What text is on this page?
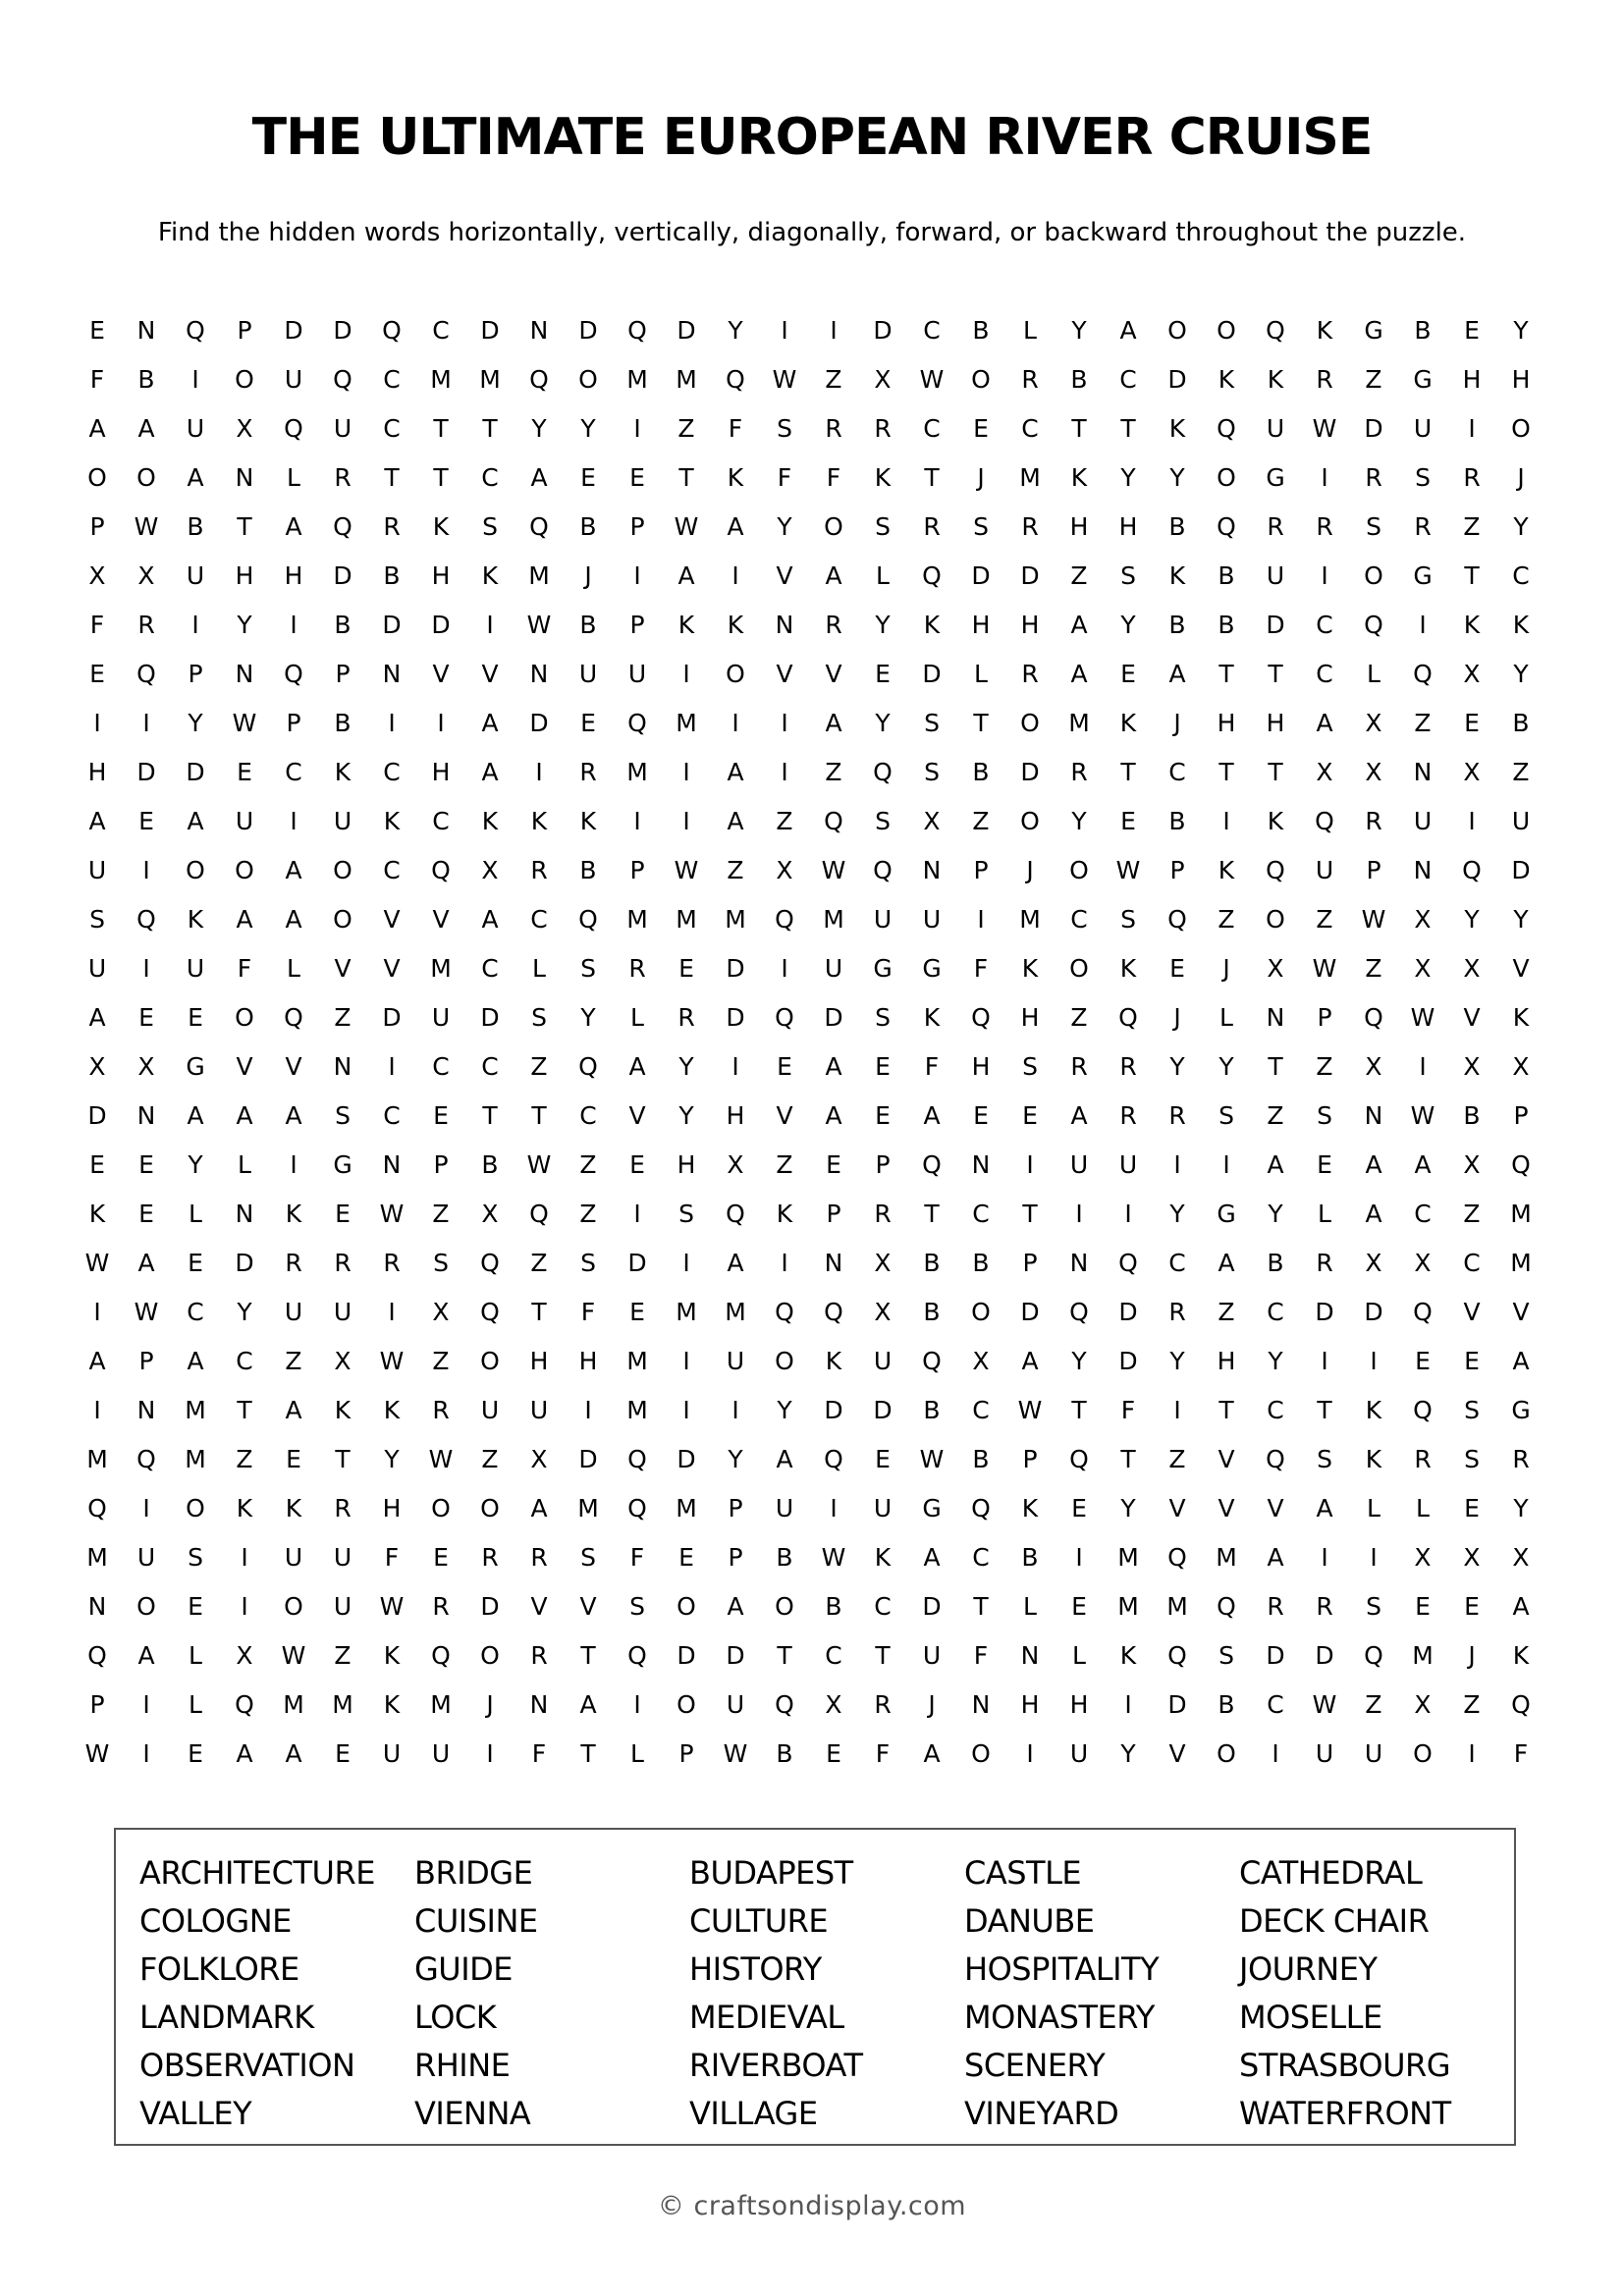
THE ULTIMATE EUROPEAN RIVER CRUISE

Find the hidden words horizontally, vertically, diagonally, forward, or backward throughout the puzzle.

E	N	Q	P	D	D	Q	C	D	N	D	Q	D	Y	I	I	D	C	B	L	Y	A	O	O	Q	K	G	B	E	Y
F	B	I	O	U	Q	C	M	M	Q	O	M	M	Q	W	Z	X	W	O	R	B	C	D	K	K	R	Z	G	H	H
A	A	U	X	Q	U	C	T	T	Y	Y	I	Z	F	S	R	R	C	E	C	T	T	K	Q	U	W	D	U	I	O
O	O	A	N	L	R	T	T	C	A	E	E	T	K	F	F	K	T	J	M	K	Y	Y	O	G	I	R	S	R	J
P	W	B	T	A	Q	R	K	S	Q	B	P	W	A	Y	O	S	R	S	R	H	H	B	Q	R	R	S	R	Z	Y
X	X	U	H	H	D	B	H	K	M	J	I	A	I	V	A	L	Q	D	D	Z	S	K	B	U	I	O	G	T	C
F	R	I	Y	I	B	D	D	I	W	B	P	K	K	N	R	Y	K	H	H	A	Y	B	B	D	C	Q	I	K	K
E	Q	P	N	Q	P	N	V	V	N	U	U	I	O	V	V	E	D	L	R	A	E	A	T	T	C	L	Q	X	Y
I	I	Y	W	P	B	I	I	A	D	E	Q	M	I	I	A	Y	S	T	O	M	K	J	H	H	A	X	Z	E	B
H	D	D	E	C	K	C	H	A	I	R	M	I	A	I	Z	Q	S	B	D	R	T	C	T	T	X	X	N	X	Z
A	E	A	U	I	U	K	C	K	K	K	I	I	A	Z	Q	S	X	Z	O	Y	E	B	I	K	Q	R	U	I	U
U	I	O	O	A	O	C	Q	X	R	B	P	W	Z	X	W	Q	N	P	J	O	W	P	K	Q	U	P	N	Q	D
S	Q	K	A	A	O	V	V	A	C	Q	M	M	M	Q	M	U	U	I	M	C	S	Q	Z	O	Z	W	X	Y	Y
U	I	U	F	L	V	V	M	C	L	S	R	E	D	I	U	G	G	F	K	O	K	E	J	X	W	Z	X	X	V
A	E	E	O	Q	Z	D	U	D	S	Y	L	R	D	Q	D	S	K	Q	H	Z	Q	J	L	N	P	Q	W	V	K
X	X	G	V	V	N	I	C	C	Z	Q	A	Y	I	E	A	E	F	H	S	R	R	Y	Y	T	Z	X	I	X	X
D	N	A	A	A	S	C	E	T	T	C	V	Y	H	V	A	E	A	E	E	A	R	R	S	Z	S	N	W	B	P
E	E	Y	L	I	G	N	P	B	W	Z	E	H	X	Z	E	P	Q	N	I	U	U	I	I	A	E	A	A	X	Q
K	E	L	N	K	E	W	Z	X	Q	Z	I	S	Q	K	P	R	T	C	T	I	I	Y	G	Y	L	A	C	Z	M
W	A	E	D	R	R	R	S	Q	Z	S	D	I	A	I	N	X	B	B	P	N	Q	C	A	B	R	X	X	C	M
I	W	C	Y	U	U	I	X	Q	T	F	E	M	M	Q	Q	X	B	O	D	Q	D	R	Z	C	D	D	Q	V	V
A	P	A	C	Z	X	W	Z	O	H	H	M	I	U	O	K	U	Q	X	A	Y	D	Y	H	Y	I	I	E	E	A
I	N	M	T	A	K	K	R	U	U	I	M	I	I	Y	D	D	B	C	W	T	F	I	T	C	T	K	Q	S	G
M	Q	M	Z	E	T	Y	W	Z	X	D	Q	D	Y	A	Q	E	W	B	P	Q	T	Z	V	Q	S	K	R	S	R
Q	I	O	K	K	R	H	O	O	A	M	Q	M	P	U	I	U	G	Q	K	E	Y	V	V	V	A	L	L	E	Y
M	U	S	I	U	U	F	E	R	R	S	F	E	P	B	W	K	A	C	B	I	M	Q	M	A	I	I	X	X	X
N	O	E	I	O	U	W	R	D	V	V	S	O	A	O	B	C	D	T	L	E	M	M	Q	R	R	S	E	E	A
Q	A	L	X	W	Z	K	Q	O	R	T	Q	D	D	T	C	T	U	F	N	L	K	Q	S	D	D	Q	M	J	K
P	I	L	Q	M	M	K	M	J	N	A	I	O	U	Q	X	R	J	N	H	H	I	D	B	C	W	Z	X	Z	Q
W	I	E	A	A	E	U	U	I	F	T	L	P	W	B	E	F	A	O	I	U	Y	V	O	I	U	U	O	I	F
ARCHITECTURE	BRIDGE	BUDAPEST	CASTLE	CATHEDRAL
COLOGNE	CUISINE	CULTURE	DANUBE	DECK CHAIR
FOLKLORE	GUIDE	HISTORY	HOSPITALITY	JOURNEY
LANDMARK	LOCK	MEDIEVAL	MONASTERY	MOSELLE
OBSERVATION	RHINE	RIVERBOAT	SCENERY	STRASBOURG
VALLEY	VIENNA	VILLAGE	VINEYARD	WATERFRONT
© craftsondisplay.com
